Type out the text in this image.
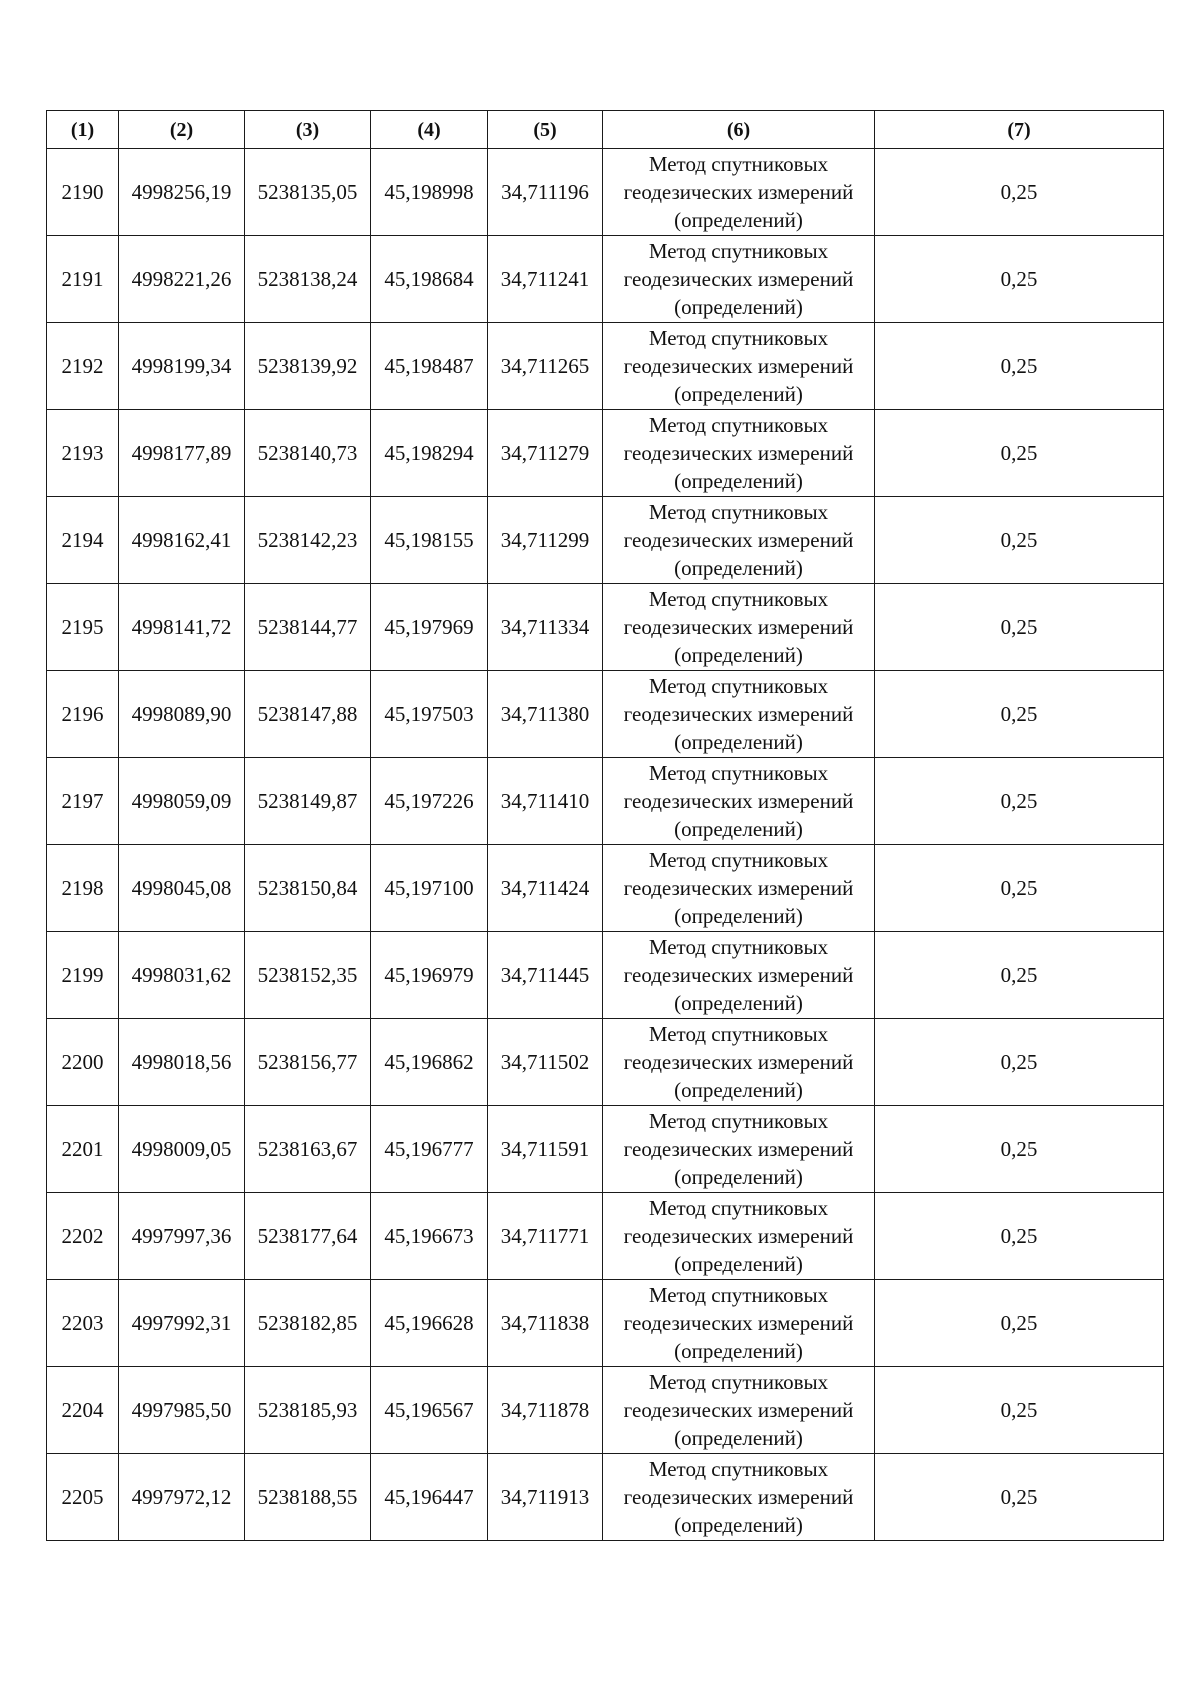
(1)	(2)	(3)	(4)	(5)	(6)	(7)
2190	4998256,19	5238135,05	45,198998	34,711196	Метод спутниковых
геодезических измерений
(определений)	0,25
2191	4998221,26	5238138,24	45,198684	34,711241	Метод спутниковых
геодезических измерений
(определений)	0,25
2192	4998199,34	5238139,92	45,198487	34,711265	Метод спутниковых
геодезических измерений
(определений)	0,25
2193	4998177,89	5238140,73	45,198294	34,711279	Метод спутниковых
геодезических измерений
(определений)	0,25
2194	4998162,41	5238142,23	45,198155	34,711299	Метод спутниковых
геодезических измерений
(определений)	0,25
2195	4998141,72	5238144,77	45,197969	34,711334	Метод спутниковых
геодезических измерений
(определений)	0,25
2196	4998089,90	5238147,88	45,197503	34,711380	Метод спутниковых
геодезических измерений
(определений)	0,25
2197	4998059,09	5238149,87	45,197226	34,711410	Метод спутниковых
геодезических измерений
(определений)	0,25
2198	4998045,08	5238150,84	45,197100	34,711424	Метод спутниковых
геодезических измерений
(определений)	0,25
2199	4998031,62	5238152,35	45,196979	34,711445	Метод спутниковых
геодезических измерений
(определений)	0,25
2200	4998018,56	5238156,77	45,196862	34,711502	Метод спутниковых
геодезических измерений
(определений)	0,25
2201	4998009,05	5238163,67	45,196777	34,711591	Метод спутниковых
геодезических измерений
(определений)	0,25
2202	4997997,36	5238177,64	45,196673	34,711771	Метод спутниковых
геодезических измерений
(определений)	0,25
2203	4997992,31	5238182,85	45,196628	34,711838	Метод спутниковых
геодезических измерений
(определений)	0,25
2204	4997985,50	5238185,93	45,196567	34,711878	Метод спутниковых
геодезических измерений
(определений)	0,25
2205	4997972,12	5238188,55	45,196447	34,711913	Метод спутниковых
геодезических измерений
(определений)	0,25
